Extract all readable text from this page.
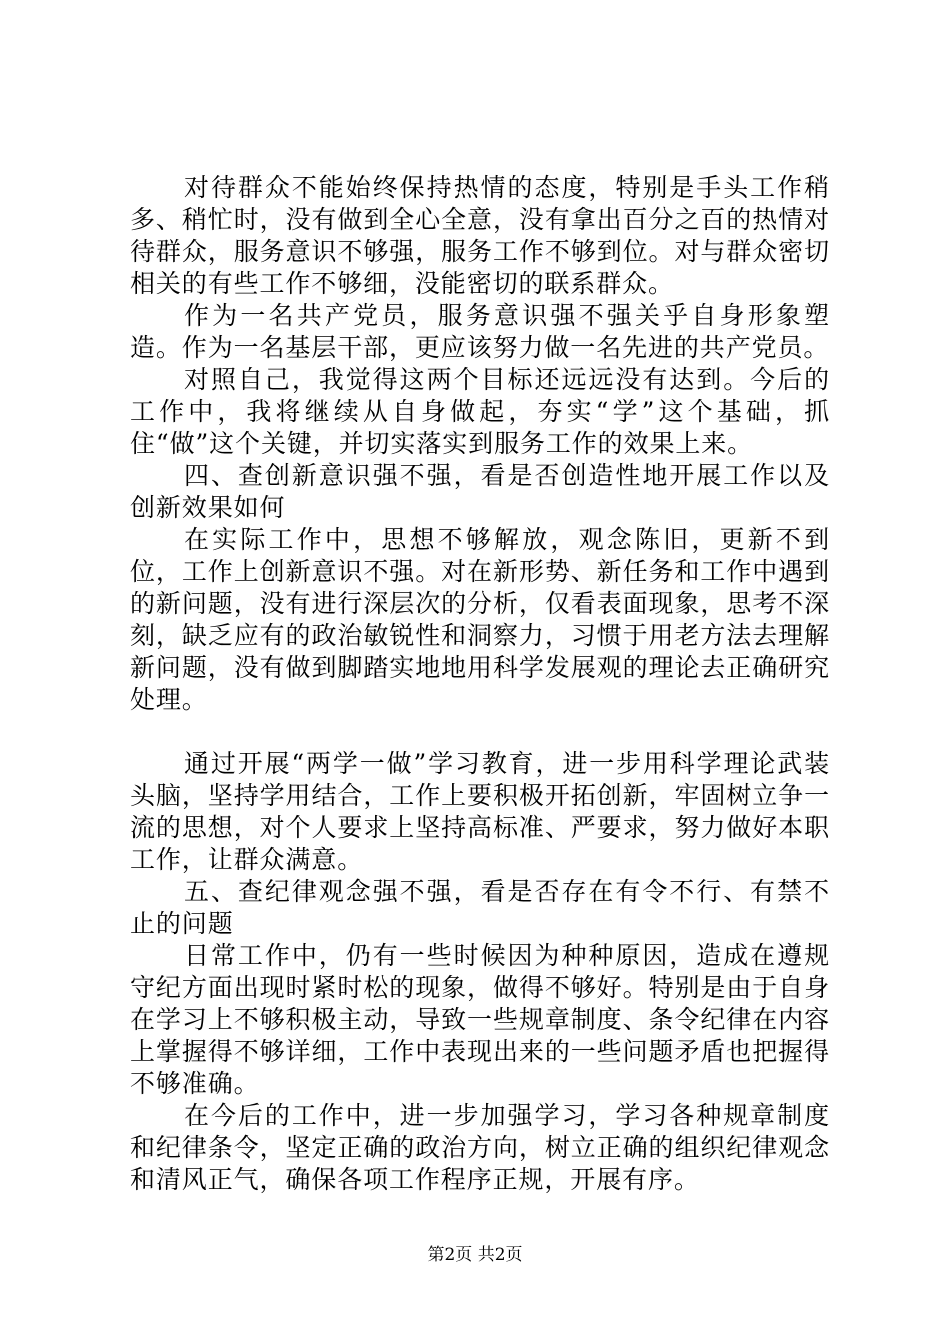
对待群众不能始终保持热情的态度，特别是手头工作稍多、稍忙时，没有做到全心全意，没有拿出百分之百的热情对待群众，服务意识不够强，服务工作不够到位。对与群众密切相关的有些工作不够细，没能密切的联系群众。

作为一名共产党员，服务意识强不强关乎自身形象塑造。作为一名基层干部，更应该努力做一名先进的共产党员。

对照自己，我觉得这两个目标还远远没有达到。今后的工作中，我将继续从自身做起，夯实“学”这个基础，抓住“做”这个关键，并切实落实到服务工作的效果上来。

四、查创新意识强不强，看是否创造性地开展工作以及创新效果如何

在实际工作中，思想不够解放，观念陈旧，更新不到位，工作上创新意识不强。对在新形势、新任务和工作中遇到的新问题，没有进行深层次的分析，仅看表面现象，思考不深刻，缺乏应有的政治敏锐性和洞察力，习惯于用老方法去理解新问题，没有做到脚踏实地地用科学发展观的理论去正确研究处理。

通过开展“两学一做”学习教育，进一步用科学理论武装头脑，坚持学用结合，工作上要积极开拓创新，牢固树立争一流的思想，对个人要求上坚持高标准、严要求，努力做好本职工作，让群众满意。

五、查纪律观念强不强，看是否存在有令不行、有禁不止的问题

日常工作中，仍有一些时候因为种种原因，造成在遵规守纪方面出现时紧时松的现象，做得不够好。特别是由于自身在学习上不够积极主动，导致一些规章制度、条令纪律在内容上掌握得不够详细，工作中表现出来的一些问题矛盾也把握得不够准确。

在今后的工作中，进一步加强学习，学习各种规章制度和纪律条令，坚定正确的政治方向，树立正确的组织纪律观念和清风正气，确保各项工作程序正规，开展有序。

第2页 共2页
